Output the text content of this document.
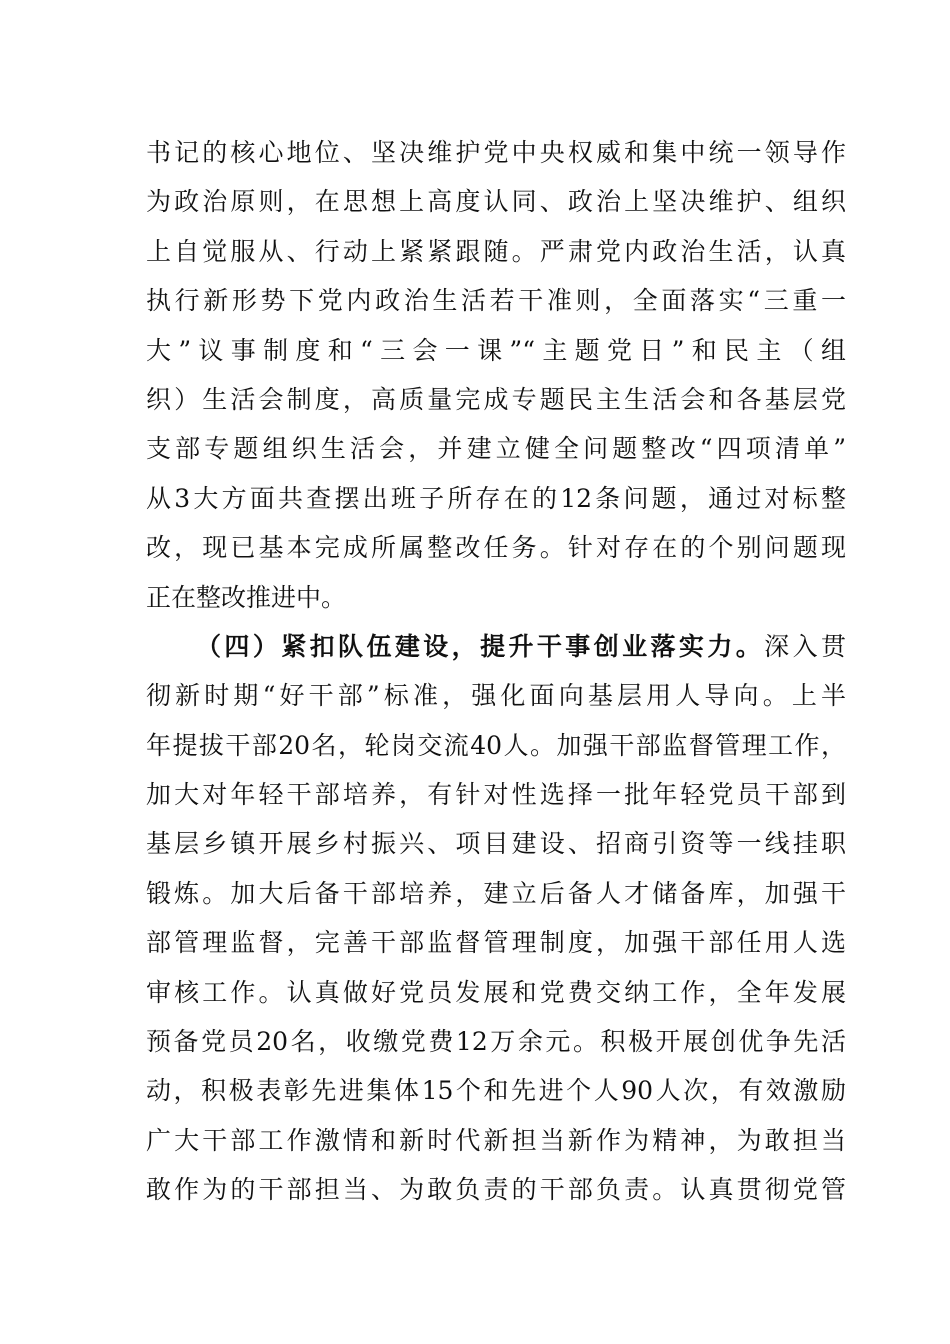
书记的核心地位、坚决维护党中央权威和集中统一领导作
为政治原则，在思想上高度认同、政治上坚决维护、组织
上自觉服从、行动上紧紧跟随。严肃党内政治生活，认真
执行新形势下党内政治生活若干准则，全面落实“三重一
大”议事制度和“三会一课”“主题党日”和民主（组
织）生活会制度，高质量完成专题民主生活会和各基层党
支部专题组织生活会，并建立健全问题整改“四项清单”
从3大方面共查摆出班子所存在的12条问题，通过对标整
改，现已基本完成所属整改任务。针对存在的个别问题现
正在整改推进中。
（四）紧扣队伍建设，提升干事创业落实力。深入贯
彻新时期“好干部”标准，强化面向基层用人导向。上半
年提拔干部20名，轮岗交流40人。加强干部监督管理工作，
加大对年轻干部培养，有针对性选择一批年轻党员干部到
基层乡镇开展乡村振兴、项目建设、招商引资等一线挂职
锻炼。加大后备干部培养，建立后备人才储备库，加强干
部管理监督，完善干部监督管理制度，加强干部任用人选
审核工作。认真做好党员发展和党费交纳工作，全年发展
预备党员20名，收缴党费12万余元。积极开展创优争先活
动，积极表彰先进集体15个和先进个人90人次，有效激励
广大干部工作激情和新时代新担当新作为精神，为敢担当
敢作为的干部担当、为敢负责的干部负责。认真贯彻党管
